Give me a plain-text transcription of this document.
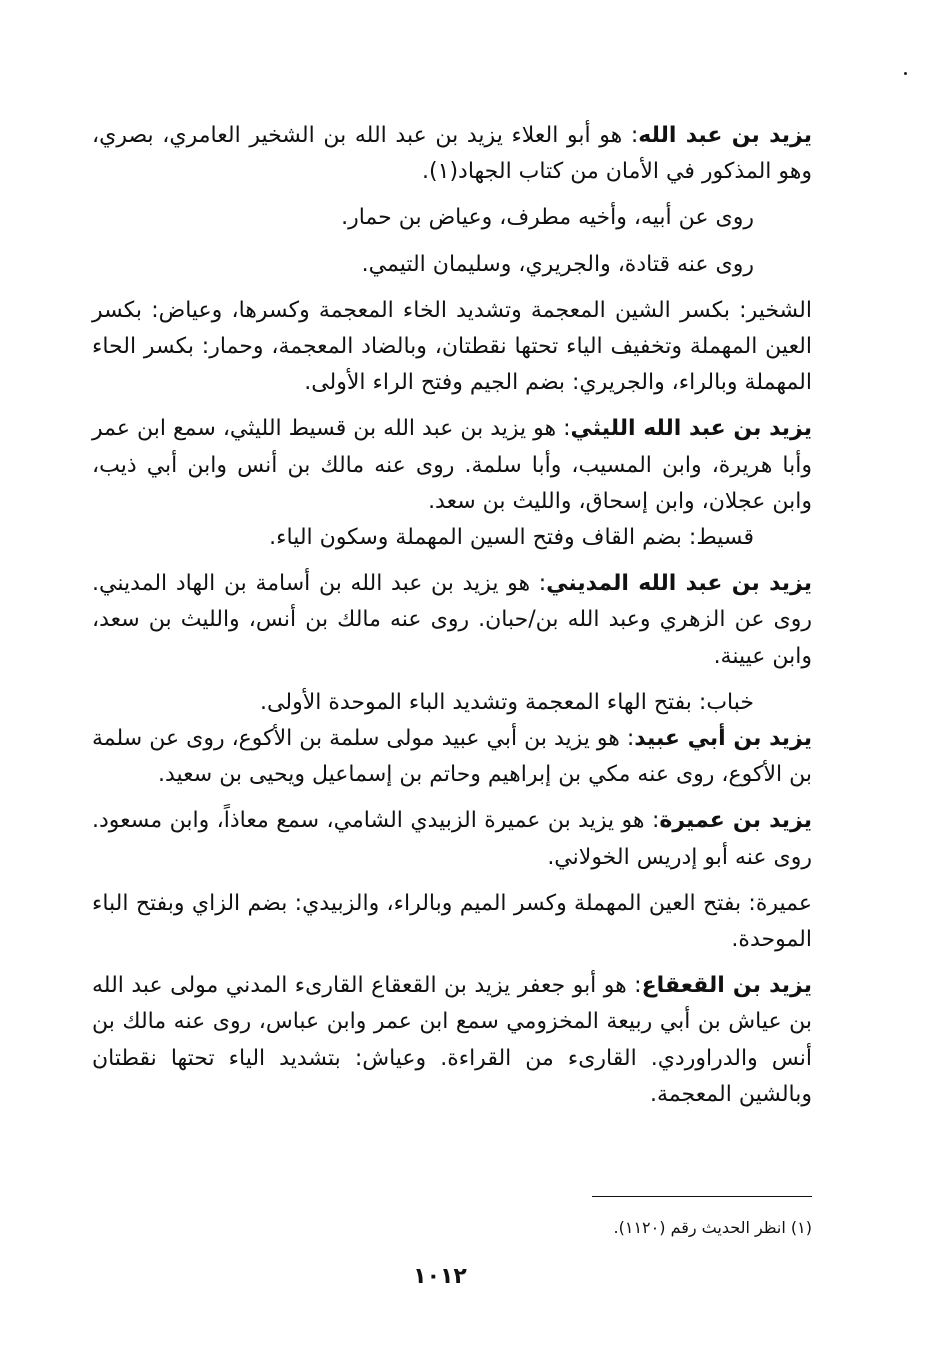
يزيد بن عبد الله: هو أبو العلاء يزيد بن عبد الله بن الشخير العامري، بصري، وهو المذكور في الأمان من كتاب الجهاد(١).

روى عن أبيه، وأخيه مطرف، وعياض بن حمار.

روى عنه قتادة، والجريري، وسليمان التيمي.

الشخير: بكسر الشين المعجمة وتشديد الخاء المعجمة وكسرها، وعياض: بكسر العين المهملة وتخفيف الياء تحتها نقطتان، وبالضاد المعجمة، وحمار: بكسر الحاء المهملة وبالراء، والجريري: بضم الجيم وفتح الراء الأولى.

يزيد بن عبد الله الليثي: هو يزيد بن عبد الله بن قسيط الليثي، سمع ابن عمر وأبا هريرة، وابن المسيب، وأبا سلمة. روى عنه مالك بن أنس وابن أبي ذيب، وابن عجلان، وابن إسحاق، والليث بن سعد.

قسيط: بضم القاف وفتح السين المهملة وسكون الياء.

يزيد بن عبد الله المديني: هو يزيد بن عبد الله بن أسامة بن الهاد المديني. روى عن الزهري وعبد الله بن/حبان. روى عنه مالك بن أنس، والليث بن سعد، وابن عيينة.

خباب: بفتح الهاء المعجمة وتشديد الباء الموحدة الأولى.

يزيد بن أبي عبيد: هو يزيد بن أبي عبيد مولى سلمة بن الأكوع، روى عن سلمة بن الأكوع، روى عنه مكي بن إبراهيم وحاتم بن إسماعيل ويحيى بن سعيد.

يزيد بن عميرة: هو يزيد بن عميرة الزبيدي الشامي، سمع معاذاً، وابن مسعود. روى عنه أبو إدريس الخولاني.

عميرة: بفتح العين المهملة وكسر الميم وبالراء، والزبيدي: بضم الزاي وبفتح الباء الموحدة.

يزيد بن القعقاع: هو أبو جعفر يزيد بن القعقاع القارىء المدني مولى عبد الله بن عياش بن أبي ربيعة المخزومي سمع ابن عمر وابن عباس، روى عنه مالك بن أنس والدراوردي. القارىء من القراءة. وعياش: بتشديد الياء تحتها نقطتان وبالشين المعجمة.

(١) انظر الحديث رقم (١١٢٠).
١٠١٢
